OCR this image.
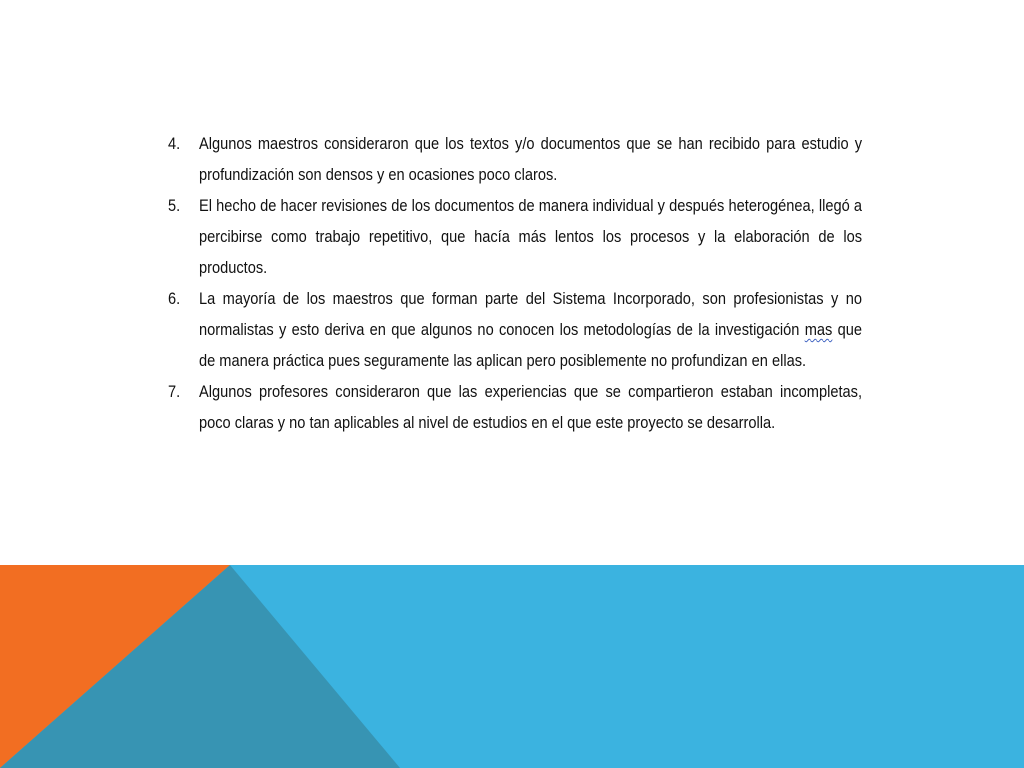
4.	Algunos maestros consideraron que los textos y/o documentos que se han recibido para estudio y profundización son densos y en ocasiones poco claros.
5.	El hecho de hacer revisiones de los documentos de manera individual y después heterogénea, llegó a percibirse como trabajo repetitivo, que hacía más lentos los procesos y la elaboración de los productos.
6.	La mayoría de los maestros que forman parte del Sistema Incorporado, son profesionistas y no normalistas y esto deriva en que algunos no conocen los metodologías de la investigación mas que de manera práctica pues seguramente las aplican pero posiblemente no profundizan en ellas.
7.	Algunos profesores consideraron que las experiencias que se compartieron estaban incompletas, poco claras y no tan aplicables al nivel de estudios en el que este proyecto se desarrolla.
